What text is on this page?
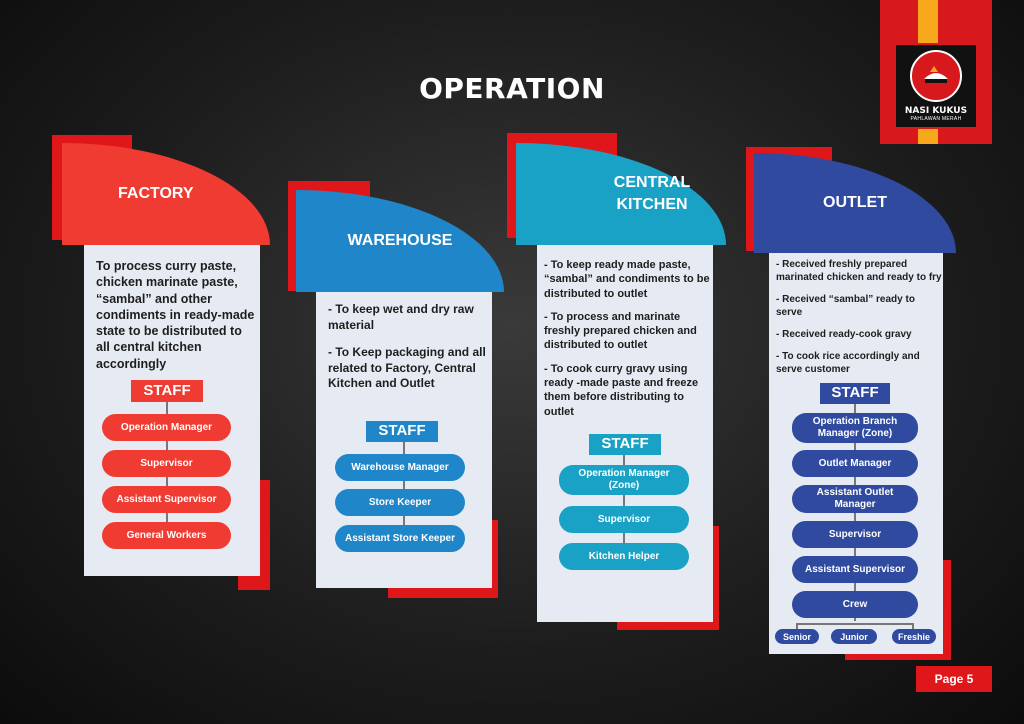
OPERATION
NASI KUKUS
PAHLAWAN MERAH
FACTORY
To process curry paste, chicken marinate paste, “sambal” and other condiments in ready-made state to be distributed to all central kitchen accordingly
STAFF
Operation Manager
Supervisor
Assistant Supervisor
General Workers
WAREHOUSE
- To keep wet and dry raw material
- To Keep packaging and all related to Factory, Central Kitchen and Outlet
STAFF
Warehouse Manager
Store Keeper
Assistant Store Keeper
CENTRAL KITCHEN
- To keep ready made paste, “sambal” and condiments to be distributed to outlet
- To process and marinate freshly prepared chicken and distributed to outlet
- To cook curry gravy using ready -made paste and freeze them before distributing to outlet
STAFF
Operation Manager (Zone)
Supervisor
Kitchen Helper
OUTLET
- Received freshly prepared marinated chicken and ready to fry
- Received “sambal” ready to serve
- Received ready-cook gravy
- To cook rice accordingly and serve customer
STAFF
Operation Branch Manager (Zone)
Outlet Manager
Assistant Outlet Manager
Supervisor
Assistant Supervisor
Crew
Senior	Junior	Freshie
Page 5
